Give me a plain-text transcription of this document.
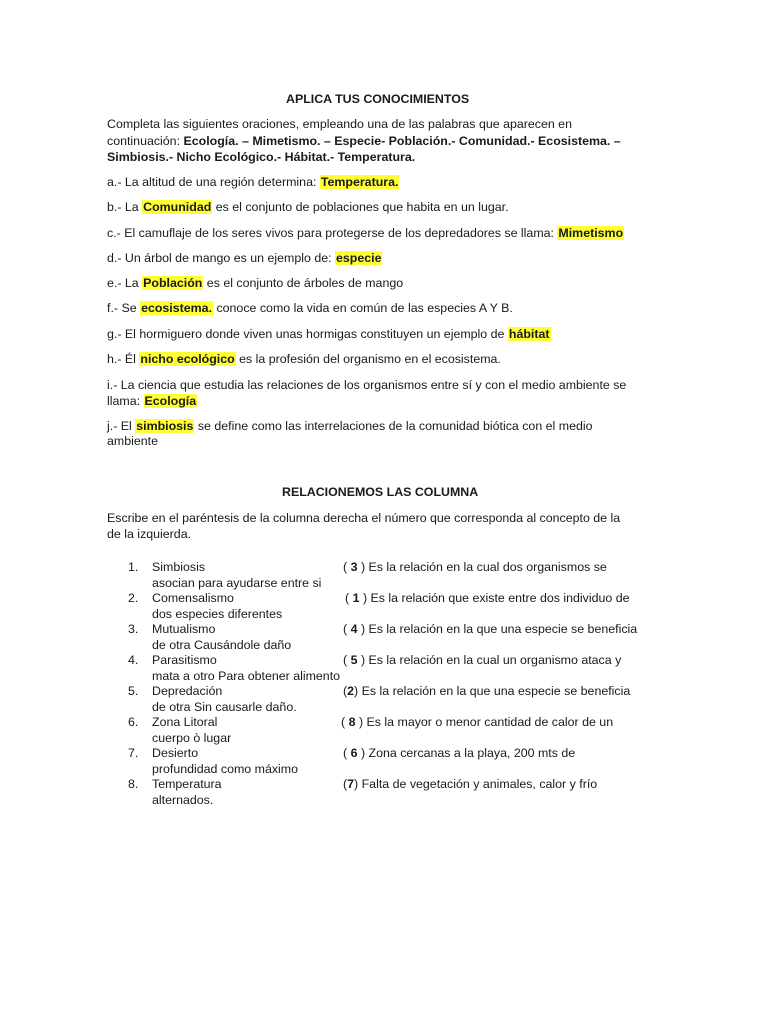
APLICA TUS CONOCIMIENTOS
Completa las siguientes oraciones, empleando una de las palabras que aparecen en
continuación: Ecología. – Mimetismo. – Especie- Población.- Comunidad.- Ecosistema. –
Simbiosis.- Nicho Ecológico.- Hábitat.- Temperatura.
a.- La altitud de una región determina: Temperatura.
b.- La Comunidad es el conjunto de poblaciones que habita en un lugar.
c.- El camuflaje de los seres vivos para protegerse de los depredadores se llama: Mimetismo
d.- Un árbol de mango es un ejemplo de: especie
e.- La Población es el conjunto de árboles de mango
f.- Se ecosistema. conoce como la vida en común de las especies A Y B.
g.- El hormiguero donde viven unas hormigas constituyen un ejemplo de hábitat
h.- Él nicho ecológico es la profesión del organismo en el ecosistema.
i.- La ciencia que estudia las relaciones de los organismos entre sí y con el medio ambiente se
llama: Ecología
j.- El simbiosis se define como las interrelaciones de la comunidad biótica con el medio
ambiente
RELACIONEMOS LAS COLUMNA
Escribe en el paréntesis de la columna derecha el número que corresponda al concepto de la
de la izquierda.
1. Simbiosis	( 3 ) Es la relación en la cual dos organismos se
asocian para ayudarse entre si
2. Comensalismo	( 1 ) Es la relación que existe entre dos individuo de
dos especies diferentes
3. Mutualismo	( 4 ) Es la relación en la que una especie se beneficia
de otra Causándole daño
4. Parasitismo	( 5 ) Es la relación en la cual un organismo ataca y
mata a otro Para obtener alimento
5. Depredación	(2) Es la relación en la que una especie se beneficia
de otra Sin causarle daño.
6. Zona Litoral	( 8 ) Es la mayor o menor cantidad de calor de un
cuerpo ò lugar
7. Desierto	( 6 ) Zona cercanas a la playa, 200 mts de
profundidad como máximo
8. Temperatura	(7) Falta de vegetación y animales, calor y frío
alternados.
